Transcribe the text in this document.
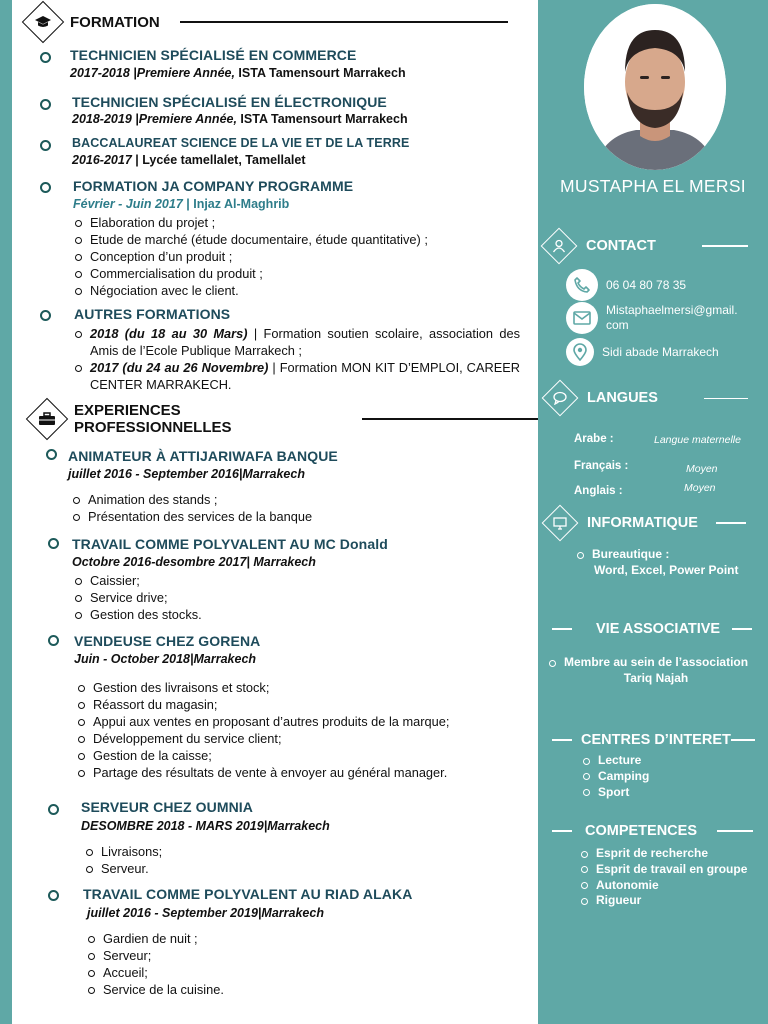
FORMATION
TECHNICIEN SPÉCIALISÉ EN COMMERCE
2017-2018 |Premiere Année, ISTA Tamensourt Marrakech
TECHNICIEN SPÉCIALISÉ EN ÉLECTRONIQUE
2018-2019 |Premiere Année, ISTA Tamensourt Marrakech
BACCALAUREAT SCIENCE DE LA VIE ET DE LA TERRE
2016-2017 | Lycée tamellalet, Tamellalet
FORMATION JA COMPANY PROGRAMME
Février - Juin 2017 | Injaz Al-Maghrib
Elaboration du projet ;
Etude de marché (étude documentaire, étude quantitative) ;
Conception d’un produit ;
Commercialisation du produit ;
Négociation avec le client.
AUTRES FORMATIONS
2018 (du 18 au 30 Mars) | Formation soutien scolaire, association des Amis de l’Ecole Publique Marrakech ;
2017 (du 24 au 26 Novembre) | Formation MON KIT D’EMPLOI, CAREER CENTER MARRAKECH.
EXPERIENCES PROFESSIONNELLES
ANIMATEUR À ATTIJARIWAFA BANQUE
juillet 2016 - September 2016|Marrakech
Animation des stands ;
Présentation des services de la banque
TRAVAIL COMME POLYVALENT AU MC Donald
Octobre 2016-desombre 2017| Marrakech
Caissier;
Service drive;
Gestion des stocks.
VENDEUSE CHEZ GORENA
Juin - October 2018|Marrakech
Gestion des livraisons et stock;
Réassort du magasin;
Appui aux ventes en proposant d’autres produits de la marque;
Développement du service client;
Gestion de la caisse;
Partage des résultats de vente à envoyer au général manager.
SERVEUR CHEZ OUMNIA
DESOMBRE 2018 - MARS 2019|Marrakech
Livraisons;
Serveur.
TRAVAIL COMME POLYVALENT AU RIAD ALAKA
juillet 2016 - September 2019|Marrakech
Gardien de nuit ;
Serveur;
Accueil;
Service de la cuisine.
MUSTAPHA EL MERSI
CONTACT
06 04 80 78 35
Mistaphaelmersi@gmail.
com
Sidi abade Marrakech
LANGUES
Arabe :	Langue maternelle
Français :	Moyen
Anglais :	Moyen
INFORMATIQUE
Bureautique :
Word, Excel, Power Point
VIE ASSOCIATIVE
Membre au sein de l’association
Tariq Najah
CENTRES D’INTERET
Lecture
Camping
Sport
COMPETENCES
Esprit de recherche
Esprit de travail en groupe
Autonomie
Rigueur
